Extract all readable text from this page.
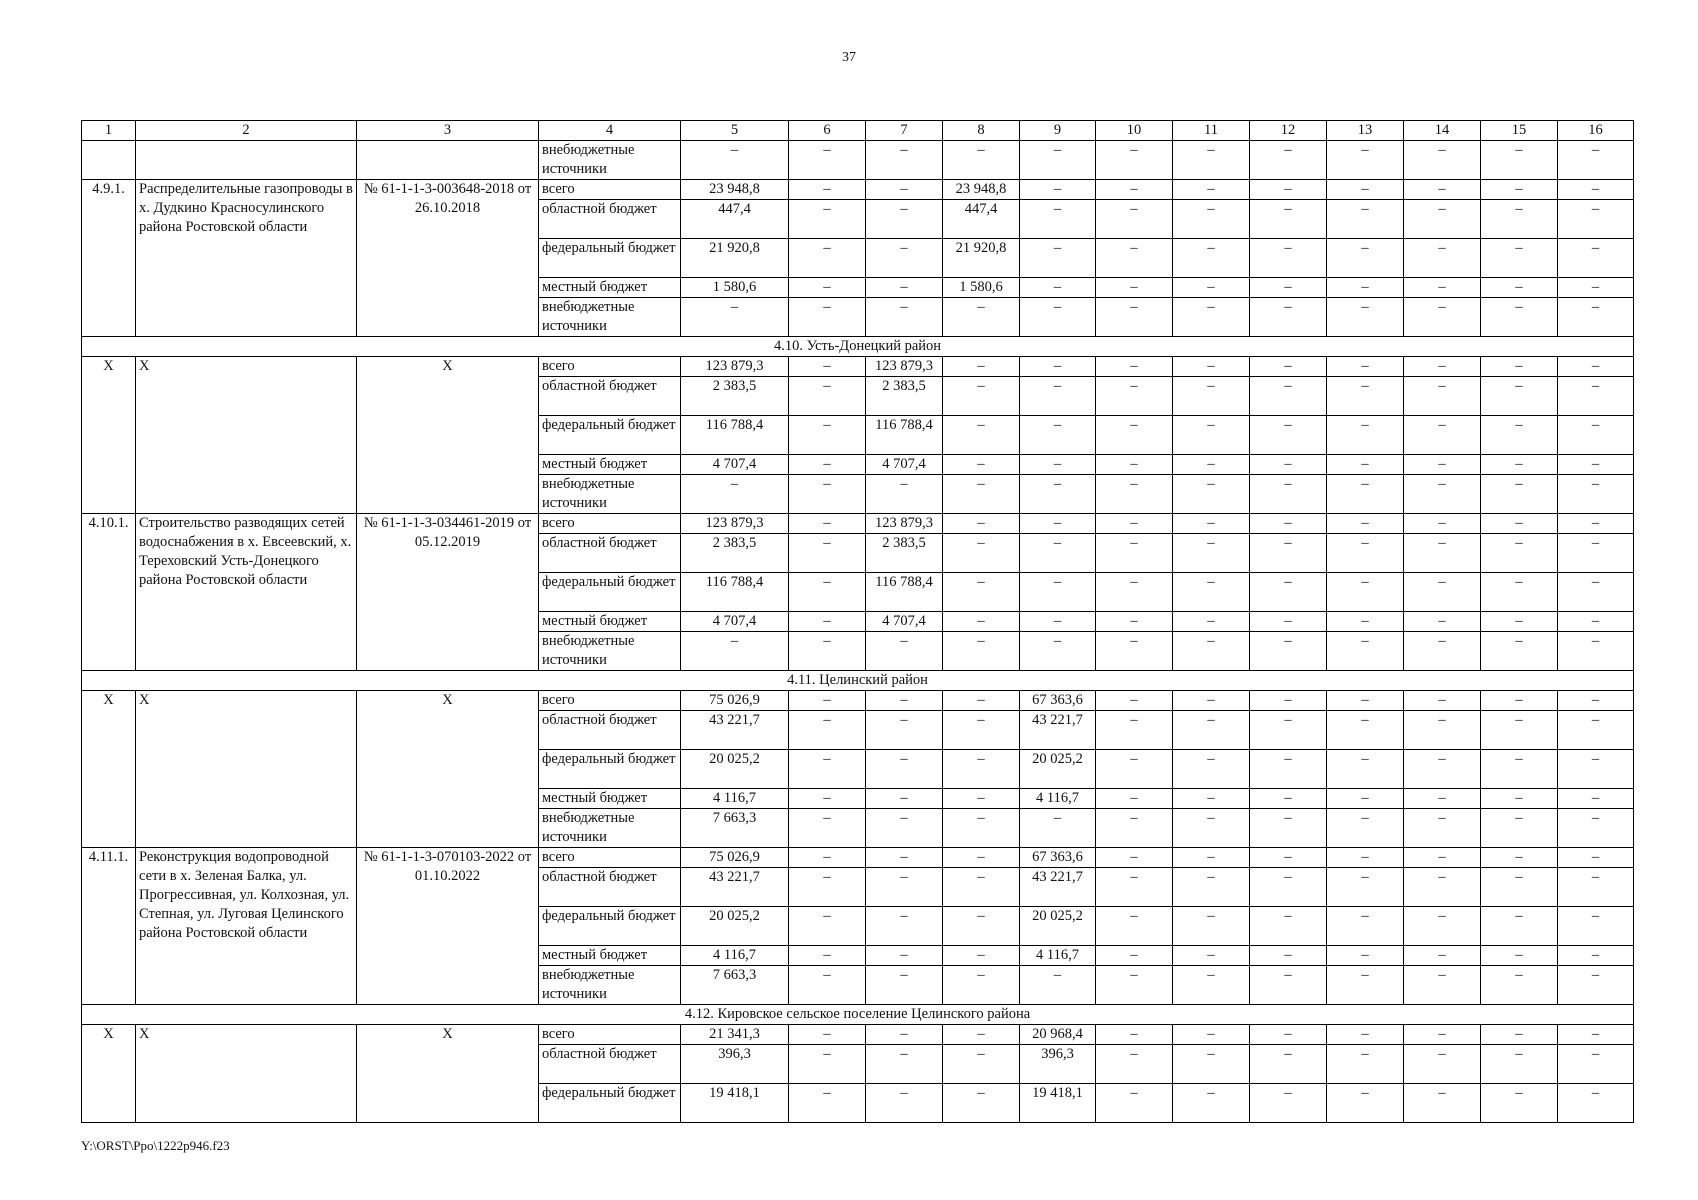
37
1	2	3	4	5	6	7	8	9	10	11	12	13	14	15	16
			внебюджетные источники	–	–	–	–	–	–	–	–	–	–	–	–
4.9.1.	Распределительные газопроводы в х. Дудкино Красносулинского района Ростовской области	№ 61-1-1-3-003648-2018 от 26.10.2018	всего	23 948,8	–	–	23 948,8	–	–	–	–	–	–	–	–
			областной бюджет	447,4	–	–	447,4	–	–	–	–	–	–	–	–
			федеральный бюджет	21 920,8	–	–	21 920,8	–	–	–	–	–	–	–	–
			местный бюджет	1 580,6	–	–	1 580,6	–	–	–	–	–	–	–	–
			внебюджетные источники	–	–	–	–	–	–	–	–	–	–	–	–
4.10. Усть-Донецкий район															
X	X	X	всего	123 879,3	–	123 879,3	–	–	–	–	–	–	–	–	–
			областной бюджет	2 383,5	–	2 383,5	–	–	–	–	–	–	–	–	–
			федеральный бюджет	116 788,4	–	116 788,4	–	–	–	–	–	–	–	–	–
			местный бюджет	4 707,4	–	4 707,4	–	–	–	–	–	–	–	–	–
			внебюджетные источники	–	–	–	–	–	–	–	–	–	–	–	–
4.10.1.	Строительство разводящих сетей водоснабжения в х. Евсеевский, х. Тереховский Усть-Донецкого района Ростовской области	№ 61-1-1-3-034461-2019 от 05.12.2019	всего	123 879,3	–	123 879,3	–	–	–	–	–	–	–	–	–
			областной бюджет	2 383,5	–	2 383,5	–	–	–	–	–	–	–	–	–
			федеральный бюджет	116 788,4	–	116 788,4	–	–	–	–	–	–	–	–	–
			местный бюджет	4 707,4	–	4 707,4	–	–	–	–	–	–	–	–	–
			внебюджетные источники	–	–	–	–	–	–	–	–	–	–	–	–
4.11. Целинский район															
X	X	X	всего	75 026,9	–	–	–	67 363,6	–	–	–	–	–	–	–
			областной бюджет	43 221,7	–	–	–	43 221,7	–	–	–	–	–	–	–
			федеральный бюджет	20 025,2	–	–	–	20 025,2	–	–	–	–	–	–	–
			местный бюджет	4 116,7	–	–	–	4 116,7	–	–	–	–	–	–	–
			внебюджетные источники	7 663,3	–	–	–	–	–	–	–	–	–	–	–
4.11.1.	Реконструкция водопроводной сети в х. Зеленая Балка, ул. Прогрессивная, ул. Колхозная, ул. Степная, ул. Луговая Целинского района Ростовской области	№ 61-1-1-3-070103-2022 от 01.10.2022	всего	75 026,9	–	–	–	67 363,6	–	–	–	–	–	–	–
			областной бюджет	43 221,7	–	–	–	43 221,7	–	–	–	–	–	–	–
			федеральный бюджет	20 025,2	–	–	–	20 025,2	–	–	–	–	–	–	–
			местный бюджет	4 116,7	–	–	–	4 116,7	–	–	–	–	–	–	–
			внебюджетные источники	7 663,3	–	–	–	–	–	–	–	–	–	–	–
4.12. Кировское сельское поселение Целинского района															
X	X	X	всего	21 341,3	–	–	–	20 968,4	–	–	–	–	–	–	–
			областной бюджет	396,3	–	–	–	396,3	–	–	–	–	–	–	–
			федеральный бюджет	19 418,1	–	–	–	19 418,1	–	–	–	–	–	–	–
Y:\ORST\Ppo\1222p946.f23
